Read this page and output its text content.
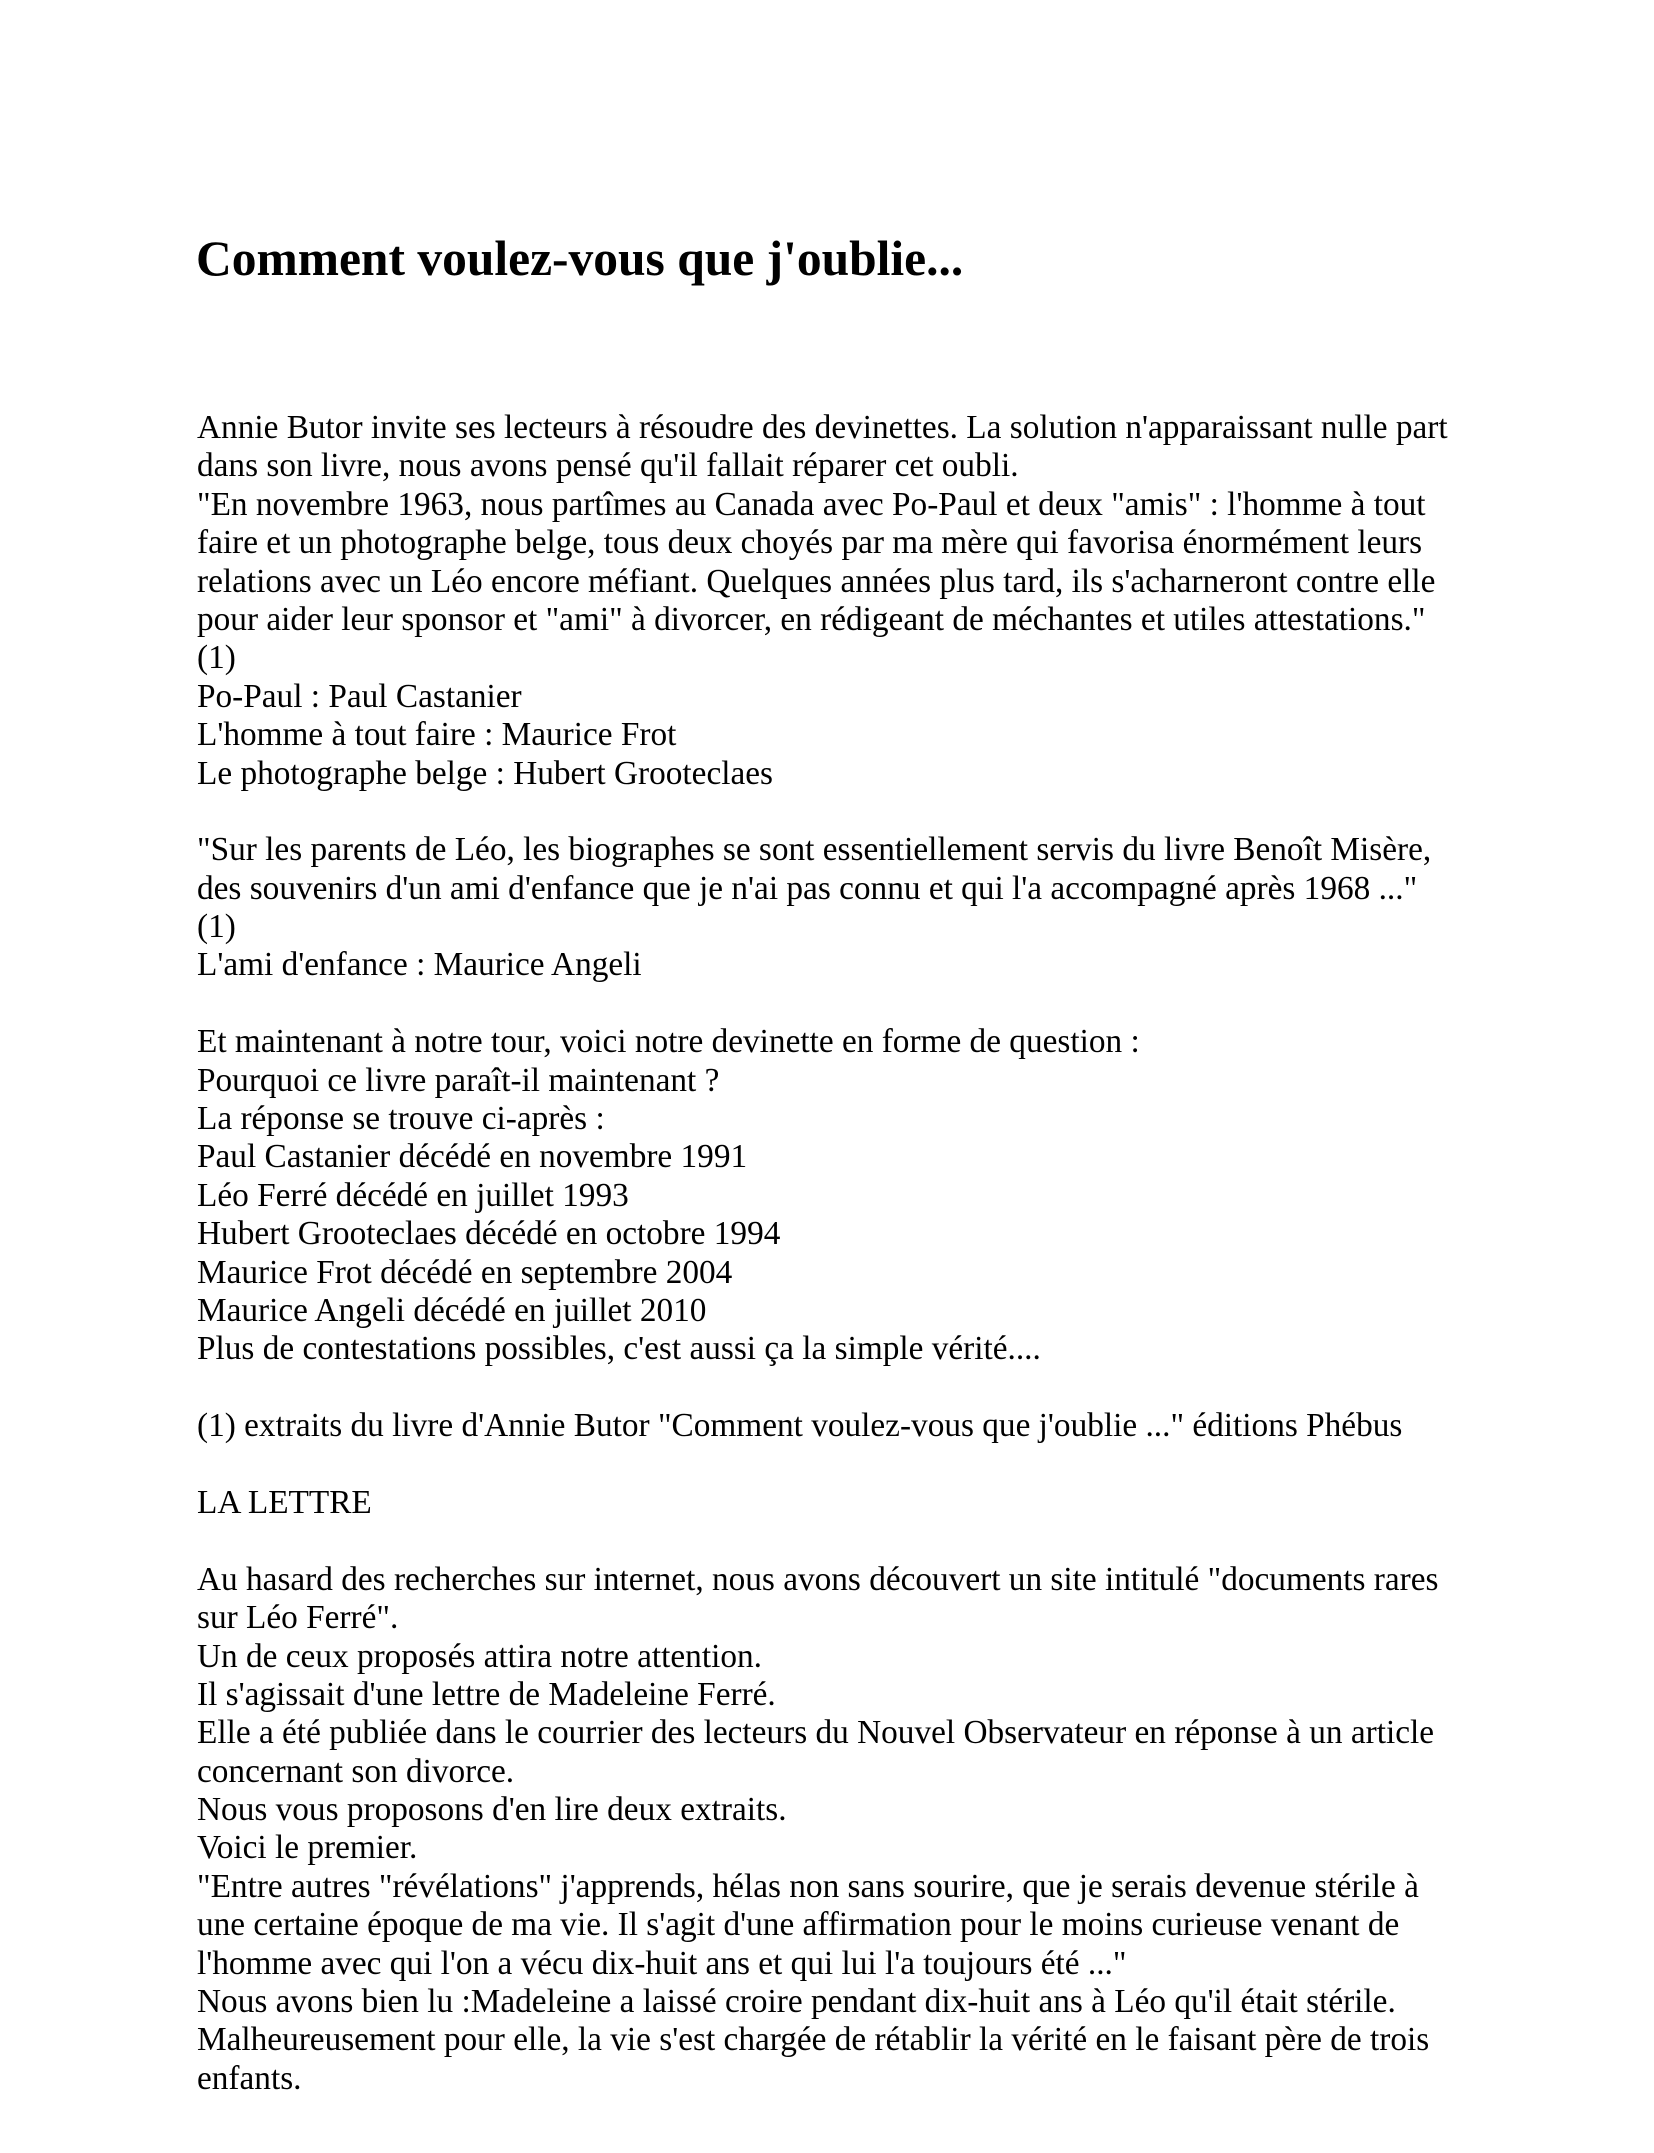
Comment voulez-vous que j'oublie...
Annie Butor invite ses lecteurs à résoudre des devinettes. La solution n'apparaissant nulle part
dans son livre, nous avons pensé qu'il fallait réparer cet oubli.
"En novembre 1963, nous partîmes au Canada avec Po-Paul et deux "amis" : l'homme à tout
faire et un photographe belge, tous deux choyés par ma mère qui favorisa énormément leurs
relations avec un Léo encore méfiant. Quelques années plus tard, ils s'acharneront contre elle
pour aider leur sponsor et "ami" à divorcer, en rédigeant de méchantes et utiles attestations."
(1)
Po-Paul : Paul Castanier
L'homme à tout faire : Maurice Frot
Le photographe belge : Hubert Grooteclaes

"Sur les parents de Léo, les biographes se sont essentiellement servis du livre Benoît Misère,
des souvenirs d'un ami d'enfance que je n'ai pas connu et qui l'a accompagné après 1968 ..."
(1)
L'ami d'enfance : Maurice Angeli

Et maintenant à notre tour, voici notre devinette en forme de question :
Pourquoi ce livre paraît-il maintenant ?
La réponse se trouve ci-après :
Paul Castanier décédé en novembre 1991
Léo Ferré décédé en juillet 1993
Hubert Grooteclaes décédé en octobre 1994
Maurice Frot décédé en septembre 2004
Maurice Angeli décédé en juillet 2010
Plus de contestations possibles, c'est aussi ça la simple vérité....

(1) extraits du livre d'Annie Butor "Comment voulez-vous que j'oublie ..." éditions Phébus

LA LETTRE

Au hasard des recherches sur internet, nous avons découvert un site intitulé "documents rares
sur Léo Ferré".
Un de ceux proposés attira notre attention.
Il s'agissait d'une lettre de Madeleine Ferré.
Elle a été publiée dans le courrier des lecteurs du Nouvel Observateur en réponse à un article
concernant son divorce.
Nous vous proposons d'en lire deux extraits.
Voici le premier.
"Entre autres "révélations" j'apprends, hélas non sans sourire, que je serais devenue stérile à
une certaine époque de ma vie. Il s'agit d'une affirmation pour le moins curieuse venant de
l'homme avec qui l'on a vécu dix-huit ans et qui lui l'a toujours été ..."
Nous avons bien lu :Madeleine a laissé croire pendant dix-huit ans à Léo qu'il était stérile.
Malheureusement pour elle, la vie s'est chargée de rétablir la vérité en le faisant père de trois
enfants.
